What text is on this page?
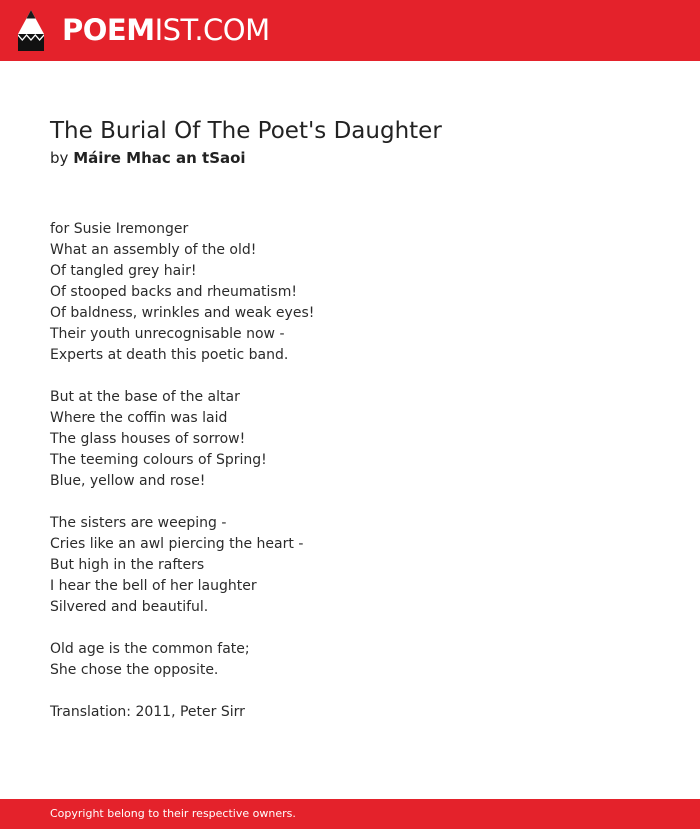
POEMIST.COM
The Burial Of The Poet's Daughter
by Máire Mhac an tSaoi
for Susie Iremonger
What an assembly of the old!
Of tangled grey hair!
Of stooped backs and rheumatism!
Of baldness, wrinkles and weak eyes!
Their youth unrecognisable now -
Experts at death this poetic band.
But at the base of the altar
Where the coffin was laid
The glass houses of sorrow!
The teeming colours of Spring!
Blue, yellow and rose!
The sisters are weeping -
Cries like an awl piercing the heart -
But high in the rafters
I hear the bell of her laughter
Silvered and beautiful.
Old age is the common fate;
She chose the opposite.
Translation: 2011, Peter Sirr
Copyright belong to their respective owners.
